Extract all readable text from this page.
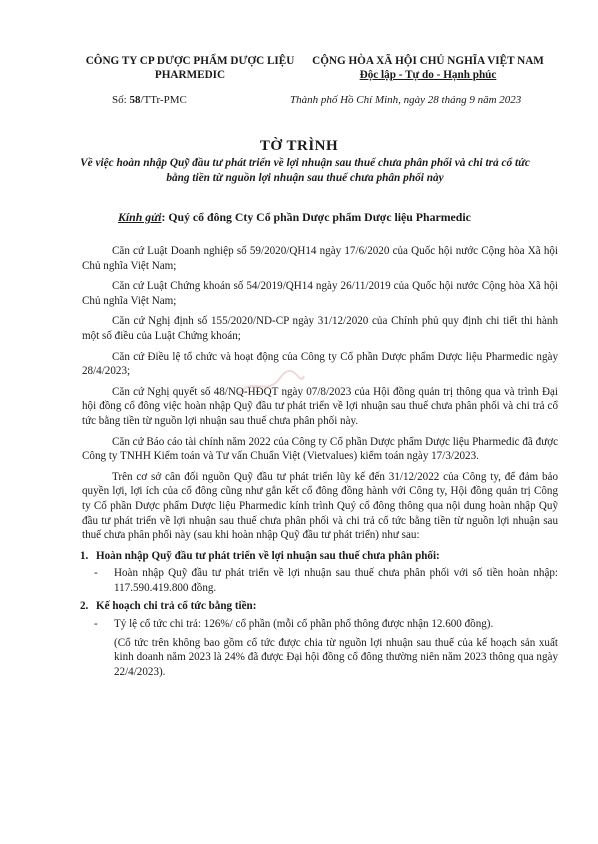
CÔNG TY CP DƯỢC PHẨM DƯỢC LIỆU
PHARMEDIC
CỘNG HÒA XÃ HỘI CHỦ NGHĨA VIỆT NAM
Độc lập - Tự do - Hạnh phúc
Số: 58/TTr-PMC	Thành phố Hồ Chí Minh, ngày 28 tháng 9 năm 2023
TỜ TRÌNH
Về việc hoàn nhập Quỹ đầu tư phát triển về lợi nhuận sau thuế chưa phân phối và chi trả cổ tức bằng tiền từ nguồn lợi nhuận sau thuế chưa phân phối này
Kính gửi: Quý cổ đông Cty Cổ phần Dược phẩm Dược liệu Pharmedic

Căn cứ Luật Doanh nghiệp số 59/2020/QH14 ngày 17/6/2020 của Quốc hội nước Cộng hòa Xã hội Chủ nghĩa Việt Nam;

Căn cứ Luật Chứng khoán số 54/2019/QH14 ngày 26/11/2019 của Quốc hội nước Cộng hòa Xã hội Chủ nghĩa Việt Nam;

Căn cứ Nghị định số 155/2020/ND-CP ngày 31/12/2020 của Chính phủ quy định chi tiết thi hành một số điều của Luật Chứng khoán;

Căn cứ Điều lệ tổ chức và hoạt động của Công ty Cổ phần Dược phẩm Dược liệu Pharmedic ngày 28/4/2023;

Căn cứ Nghị quyết số 48/NQ-HĐQT ngày 07/8/2023 của Hội đồng quản trị thông qua và trình Đại hội đồng cổ đông việc hoàn nhập Quỹ đầu tư phát triển về lợi nhuận sau thuế chưa phân phối và chi trả cổ tức bằng tiền từ nguồn lợi nhuận sau thuế chưa phân phối này.

Căn cứ Báo cáo tài chính năm 2022 của Công ty Cổ phần Dược phẩm Dược liệu Pharmedic đã được Công ty TNHH Kiểm toán và Tư vấn Chuẩn Việt (Vietvalues) kiểm toán ngày 17/3/2023.

Trên cơ sở cân đối nguồn Quỹ đầu tư phát triển lũy kế đến 31/12/2022 của Công ty, để đảm bảo quyền lợi, lợi ích của cổ đông cũng như gắn kết cổ đông đồng hành với Công ty, Hội đồng quản trị Công ty Cổ phần Dược phẩm Dược liệu Pharmedic kính trình Quý cổ đông thông qua nội dung hoàn nhập Quỹ đầu tư phát triển về lợi nhuận sau thuế chưa phân phối và chi trả cổ tức bằng tiền từ nguồn lợi nhuận sau thuế chưa phân phối này (sau khi hoàn nhập Quỹ đầu tư phát triển) như sau:

1. Hoàn nhập Quỹ đầu tư phát triển về lợi nhuận sau thuế chưa phân phối:
- Hoàn nhập Quỹ đầu tư phát triển về lợi nhuận sau thuế chưa phân phối với số tiền hoàn nhập: 117.590.419.800 đồng.
2. Kế hoạch chi trả cổ tức bằng tiền:
- Tỷ lệ cổ tức chi trả: 126%/ cổ phần (mỗi cổ phần phổ thông được nhận 12.600 đồng).
(Cổ tức trên không bao gồm cổ tức được chia từ nguồn lợi nhuận sau thuế của kế hoạch sản xuất kinh doanh năm 2023 là 24% đã được Đại hội đồng cổ đông thường niên năm 2023 thông qua ngày 22/4/2023).
